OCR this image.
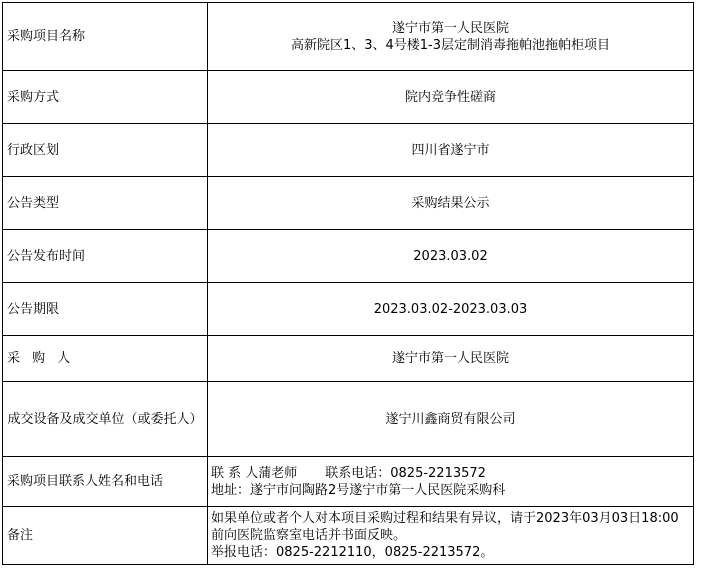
采购项目名称	遂宁市第一人民医院
高新院区1、3、4号楼1-3层定制消毒拖帕池拖帕柜项目

采购方式	院内竞争性磋商
行政区划	四川省遂宁市
公告类型	采购结果公示
公告发布时间	2023.03.02
公告期限	2023.03.02-2023.03.03
采 购 人	遂宁市第一人民医院
成交设备及成交单位（或委托人）	遂宁川鑫商贸有限公司
采购项目联系人姓名和电话	联 系 人蒲老师 联系电话：0825-2213572
地址：遂宁市问陶路2号遂宁市第一人民医院采购科

备注	如果单位或者个人对本项目采购过程和结果有异议，请于2023年03月03日18:00前向医院监察室电话并书面反映。
举报电话：0825-2212110，0825-2213572。
